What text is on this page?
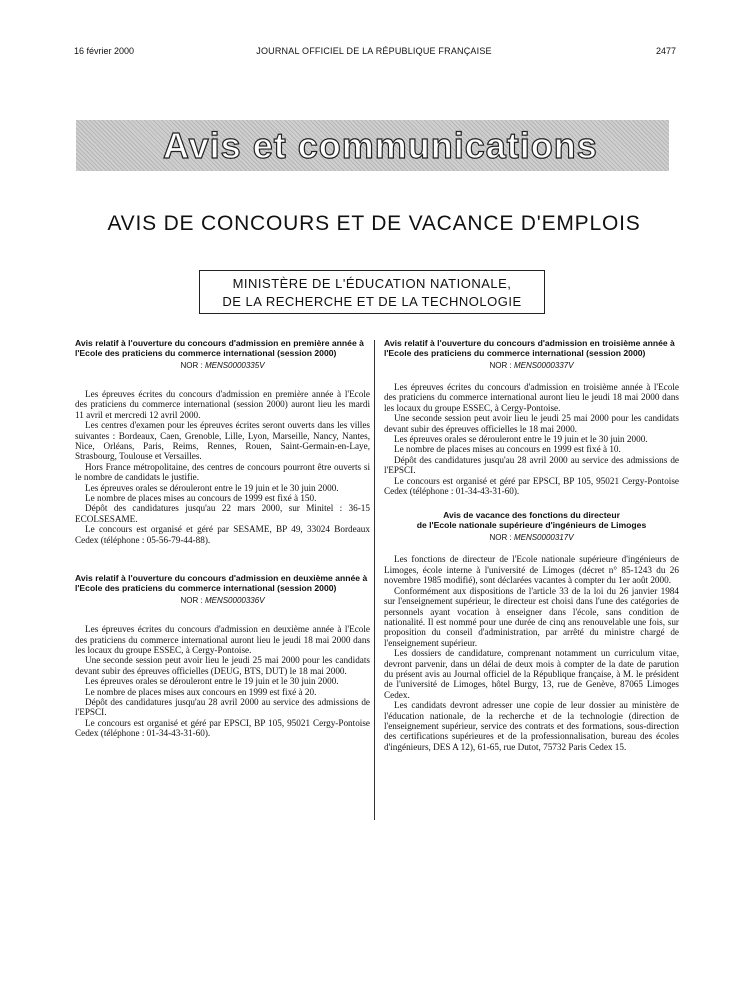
16 février 2000	JOURNAL OFFICIEL DE LA RÉPUBLIQUE FRANÇAISE	2477
Avis et communications
AVIS DE CONCOURS ET DE VACANCE D'EMPLOIS
MINISTÈRE DE L'ÉDUCATION NATIONALE,
DE LA RECHERCHE ET DE LA TECHNOLOGIE

Avis relatif à l'ouverture du concours d'admission en première année à l'Ecole des praticiens du commerce international (session 2000)

NOR : MENS0000335V

Les épreuves écrites du concours d'admission en première année à l'Ecole des praticiens du commerce international (session 2000) auront lieu les mardi 11 avril et mercredi 12 avril 2000.

Les centres d'examen pour les épreuves écrites seront ouverts dans les villes suivantes : Bordeaux, Caen, Grenoble, Lille, Lyon, Marseille, Nancy, Nantes, Nice, Orléans, Paris, Reims, Rennes, Rouen, Saint-Germain-en-Laye, Strasbourg, Toulouse et Versailles.

Hors France métropolitaine, des centres de concours pourront être ouverts si le nombre de candidats le justifie.

Les épreuves orales se dérouleront entre le 19 juin et le 30 juin 2000.

Le nombre de places mises au concours de 1999 est fixé à 150.

Dépôt des candidatures jusqu'au 22 mars 2000, sur Minitel : 36-15 ECOLSESAME.

Le concours est organisé et géré par SESAME, BP 49, 33024 Bordeaux Cedex (téléphone : 05-56-79-44-88).

Avis relatif à l'ouverture du concours d'admission en deuxième année à l'Ecole des praticiens du commerce international (session 2000)

NOR : MENS0000336V

Les épreuves écrites du concours d'admission en deuxième année à l'Ecole des praticiens du commerce international auront lieu le jeudi 18 mai 2000 dans les locaux du groupe ESSEC, à Cergy-Pontoise.

Une seconde session peut avoir lieu le jeudi 25 mai 2000 pour les candidats devant subir des épreuves officielles (DEUG, BTS, DUT) le 18 mai 2000.

Les épreuves orales se dérouleront entre le 19 juin et le 30 juin 2000.

Le nombre de places mises aux concours en 1999 est fixé à 20.

Dépôt des candidatures jusqu'au 28 avril 2000 au service des admissions de l'EPSCI.

Le concours est organisé et géré par EPSCI, BP 105, 95021 Cergy-Pontoise Cedex (téléphone : 01-34-43-31-60).

Avis relatif à l'ouverture du concours d'admission en troisième année à l'Ecole des praticiens du commerce international (session 2000)

NOR : MENS0000337V

Les épreuves écrites du concours d'admission en troisième année à l'Ecole des praticiens du commerce international auront lieu le jeudi 18 mai 2000 dans les locaux du groupe ESSEC, à Cergy-Pontoise.

Une seconde session peut avoir lieu le jeudi 25 mai 2000 pour les candidats devant subir des épreuves officielles le 18 mai 2000.

Les épreuves orales se dérouleront entre le 19 juin et le 30 juin 2000.

Le nombre de places mises au concours en 1999 est fixé à 10.

Dépôt des candidatures jusqu'au 28 avril 2000 au service des admissions de l'EPSCI.

Le concours est organisé et géré par EPSCI, BP 105, 95021 Cergy-Pontoise Cedex (téléphone : 01-34-43-31-60).

Avis de vacance des fonctions du directeur

de l'Ecole nationale supérieure d'ingénieurs de Limoges

NOR : MENS0000317V

Les fonctions de directeur de l'Ecole nationale supérieure d'ingénieurs de Limoges, école interne à l'université de Limoges (décret n° 85-1243 du 26 novembre 1985 modifié), sont déclarées vacantes à compter du 1er août 2000.

Conformément aux dispositions de l'article 33 de la loi du 26 janvier 1984 sur l'enseignement supérieur, le directeur est choisi dans l'une des catégories de personnels ayant vocation à enseigner dans l'école, sans condition de nationalité. Il est nommé pour une durée de cinq ans renouvelable une fois, sur proposition du conseil d'administration, par arrêté du ministre chargé de l'enseignement supérieur.

Les dossiers de candidature, comprenant notamment un curriculum vitae, devront parvenir, dans un délai de deux mois à compter de la date de parution du présent avis au Journal officiel de la République française, à M. le président de l'université de Limoges, hôtel Burgy, 13, rue de Genève, 87065 Limoges Cedex.

Les candidats devront adresser une copie de leur dossier au ministère de l'éducation nationale, de la recherche et de la technologie (direction de l'enseignement supérieur, service des contrats et des formations, sous-direction des certifications supérieures et de la professionnalisation, bureau des écoles d'ingénieurs, DES A 12), 61-65, rue Dutot, 75732 Paris Cedex 15.
